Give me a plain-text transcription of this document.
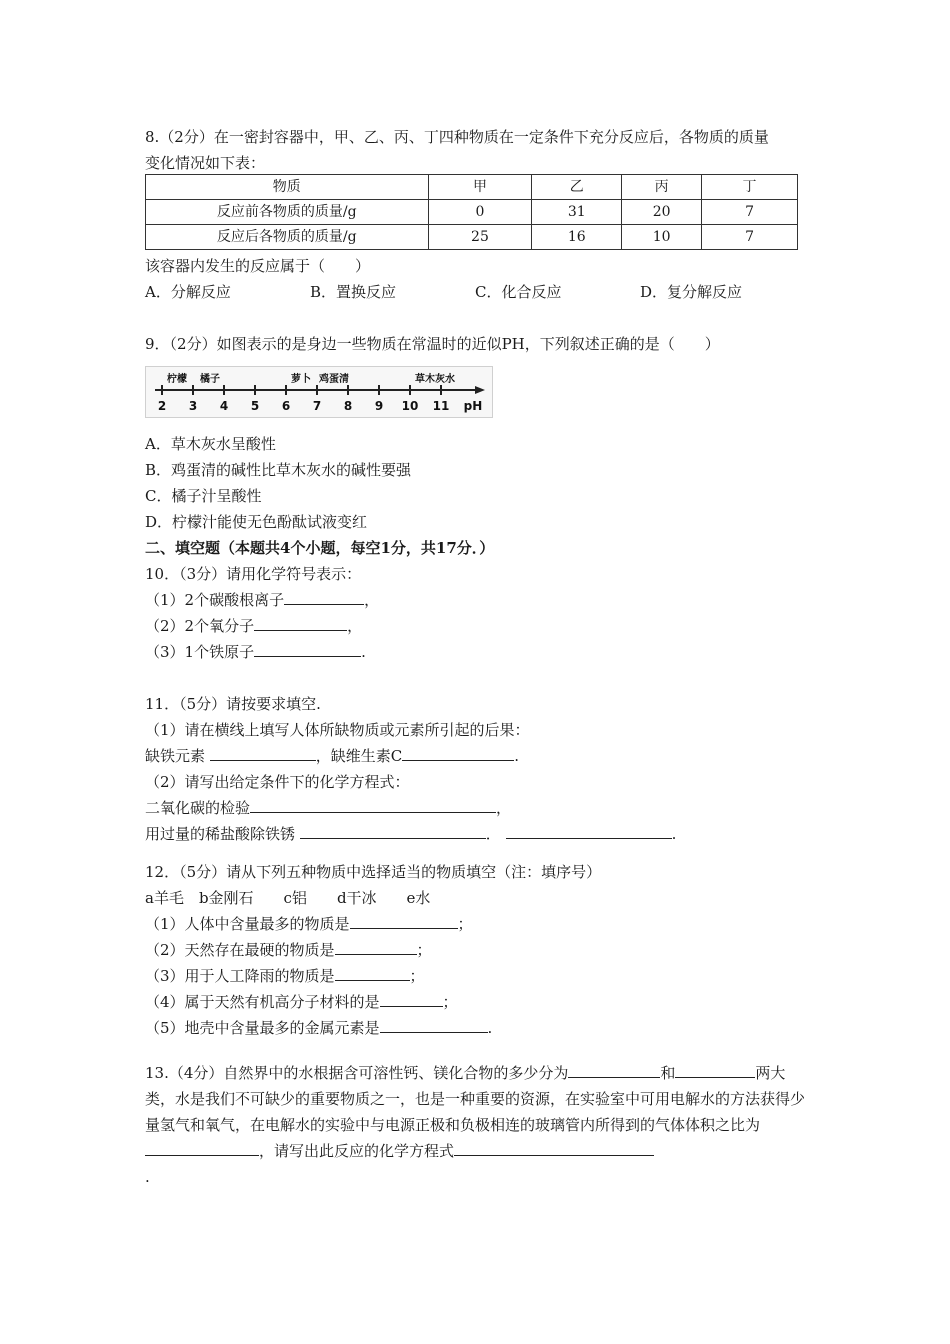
8.（2分）在一密封容器中，甲、乙、丙、丁四种物质在一定条件下充分反应后，各物质的质量
变化情况如下表：
物质	甲	乙	丙	丁
反应前各物质的质量/g	0	31	20	7
反应后各物质的质量/g	25	16	10	7
该容器内发生的反应属于（　　）
A．分解反应	B．置换反应	C．化合反应	D．复分解反应
9．（2分）如图表示的是身边一些物质在常温时的近似PH，下列叙述正确的是（　　）
柠檬 橘子	萝卜 鸡蛋清	草木灰水
2 3 4 5 6 7 8 9 10 11 pH
A．草木灰水呈酸性
B．鸡蛋清的碱性比草木灰水的碱性要强
C．橘子汁呈酸性
D．柠檬汁能使无色酚酞试液变红
二、填空题（本题共4个小题，每空1分，共17分．）
10．（3分）请用化学符号表示：
（1）2个碳酸根离子	，
（2）2个氧分子	，
（3）1个铁原子	.
11．（5分）请按要求填空.
（1）请在横线上填写人体所缺物质或元素所引起的后果：
缺铁元素	，缺维生素C	.
（2）请写出给定条件下的化学方程式：
二氧化碳的检验	，
用过量的稀盐酸除铁锈	．	.
12．（5分）请从下列五种物质中选择适当的物质填空（注：填序号）
a羊毛　b金刚石　　c铝　　d干冰　　e水
（1）人体中含量最多的物质是	；
（2）天然存在最硬的物质是	；
（3）用于人工降雨的物质是	；
（4）属于天然有机高分子材料的是	；
（5）地壳中含量最多的金属元素是	.
13.（4分）自然界中的水根据含可溶性钙、镁化合物的多少分为	和	两大类，水是我们不可缺少的重要物质之一，也是一种重要的资源，在实验室中可用电解水的方法获得少量氢气和氧气，在电解水的实验中与电源正极和负极相连的玻璃管内所得到的气体体积之比为，请写出此反应的化学方程式
.
